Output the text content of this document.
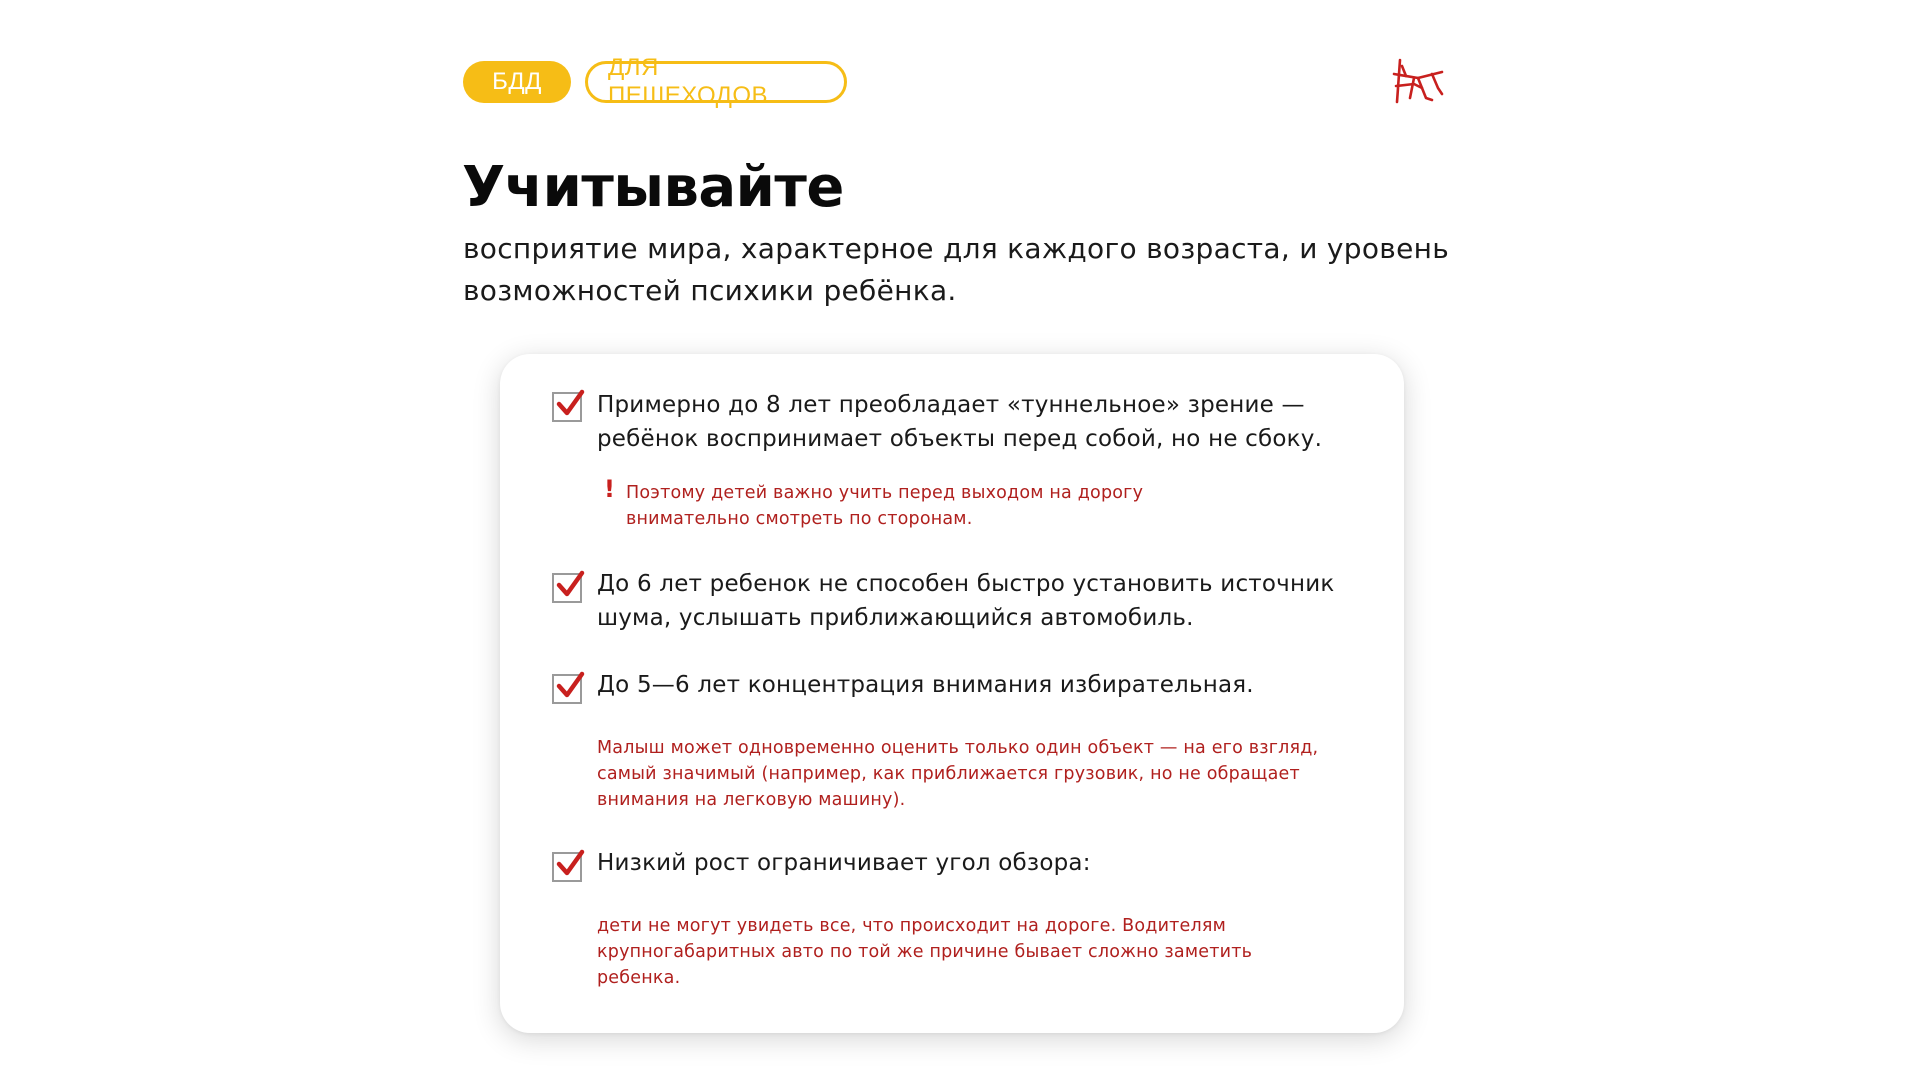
БДД
ДЛЯ ПЕШЕХОДОВ
Учитывайте

восприятие мира, характерное для каждого возраста, и уровень возможностей психики ребёнка.

Примерно до 8 лет преобладает «туннельное» зрение — ребёнок воспринимает объекты перед собой, но не сбоку.

! Поэтому детей важно учить перед выходом на дорогу внимательно смотреть по сторонам.

До 6 лет ребенок не способен быстро установить источник шума, услышать приближающийся автомобиль.

До 5—6 лет концентрация внимания избирательная.

Малыш может одновременно оценить только один объект — на его взгляд, самый значимый (например, как приближается грузовик, но не обращает внимания на легковую машину).

Низкий рост ограничивает угол обзора:

дети не могут увидеть все, что происходит на дороге. Водителям крупногабаритных авто по той же причине бывает сложно заметить ребенка.
